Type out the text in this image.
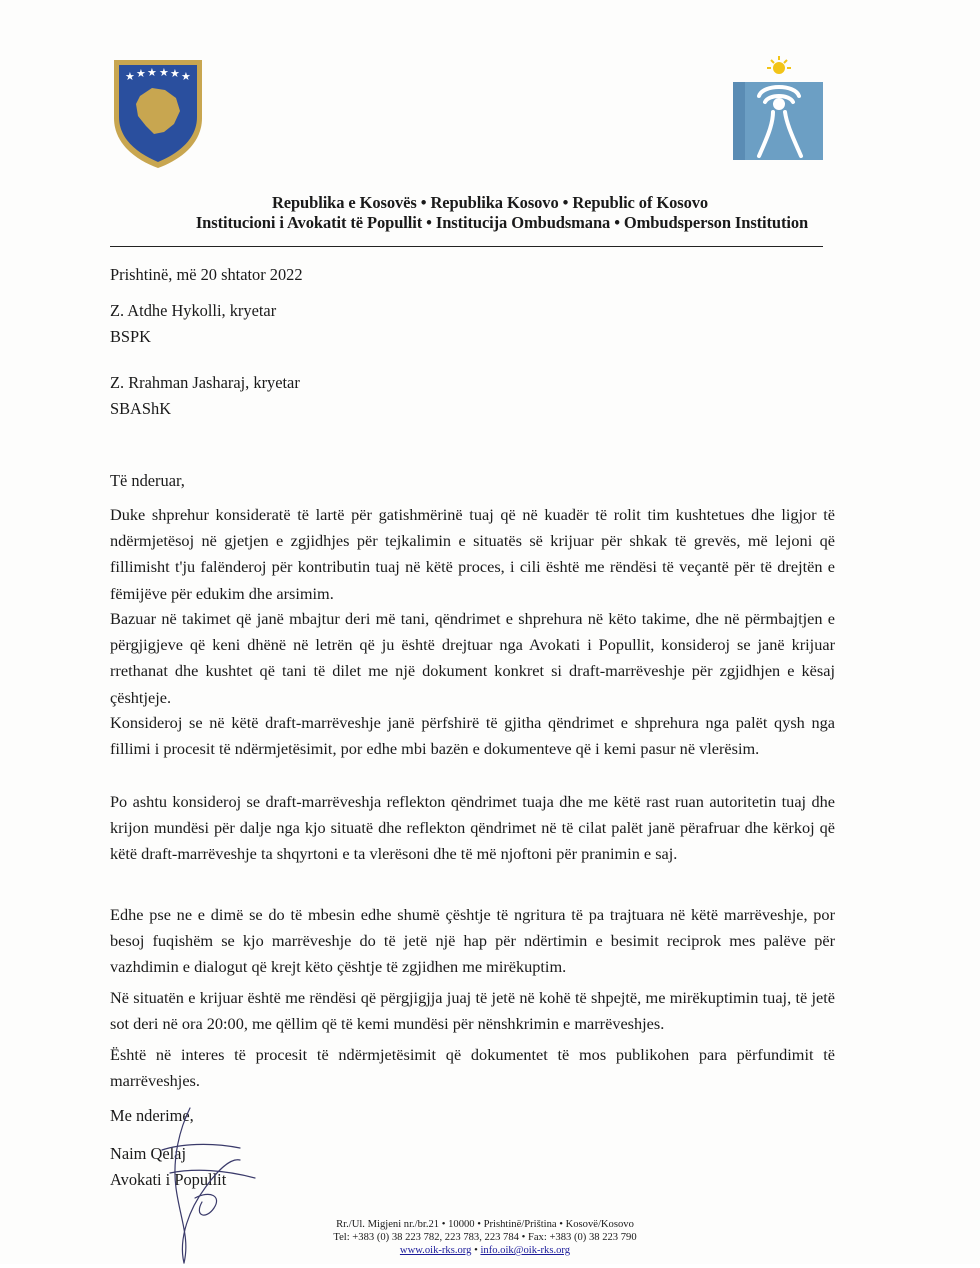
★ ★ ★ ★ ★ ★
Republika e Kosovës • Republika Kosovo • Republic of Kosovo
Institucioni i Avokatit të Popullit • Institucija Ombudsmana • Ombudsperson Institution
Prishtinë, më 20 shtator 2022
Z. Atdhe Hykolli, kryetar
BSPK
Z. Rrahman Jasharaj, kryetar
SBAShK
Të nderuar,
Duke shprehur konsideratë të lartë për gatishmërinë tuaj që në kuadër të rolit tim kushtetues dhe ligjor të ndërmjetësoj në gjetjen e zgjidhjes për tejkalimin e situatës së krijuar për shkak të grevës, më lejoni që fillimisht t'ju falënderoj për kontributin tuaj në këtë proces, i cili është me rëndësi të veçantë për të drejtën e fëmijëve për edukim dhe arsimim.
Bazuar në takimet që janë mbajtur deri më tani, qëndrimet e shprehura në këto takime, dhe në përmbajtjen e përgjigjeve që keni dhënë në letrën që ju është drejtuar nga Avokati i Popullit, konsideroj se janë krijuar rrethanat dhe kushtet që tani të dilet me një dokument konkret si draft-marrëveshje për zgjidhjen e kësaj çështjeje.
Konsideroj se në këtë draft-marrëveshje janë përfshirë të gjitha qëndrimet e shprehura nga palët qysh nga fillimi i procesit të ndërmjetësimit, por edhe mbi bazën e dokumenteve që i kemi pasur në vlerësim.
Po ashtu konsideroj se draft-marrëveshja reflekton qëndrimet tuaja dhe me këtë rast ruan autoritetin tuaj dhe krijon mundësi për dalje nga kjo situatë dhe reflekton qëndrimet në të cilat palët janë përafruar dhe kërkoj që këtë draft-marrëveshje ta shqyrtoni e ta vlerësoni dhe të më njoftoni për pranimin e saj.
Edhe pse ne e dimë se do të mbesin edhe shumë çështje të ngritura të pa trajtuara në këtë marrëveshje, por besoj fuqishëm se kjo marrëveshje do të jetë një hap për ndërtimin e besimit reciprok mes palëve për vazhdimin e dialogut që krejt këto çështje të zgjidhen me mirëkuptim.
Në situatën e krijuar është me rëndësi që përgjigjja juaj të jetë në kohë të shpejtë, me mirëkuptimin tuaj, të jetë sot deri në ora 20:00, me qëllim që të kemi mundësi për nënshkrimin e marrëveshjes.
Është në interes të procesit të ndërmjetësimit që dokumentet të mos publikohen para përfundimit të marrëveshjes.
Me nderime,
Naim Qelaj
Avokati i Popullit
Rr./Ul. Migjeni nr./br.21 • 10000 • Prishtinë/Priština • Kosovë/Kosovo
Tel: +383 (0) 38 223 782, 223 783, 223 784 • Fax: +383 (0) 38 223 790
www.oik-rks.org • info.oik@oik-rks.org
